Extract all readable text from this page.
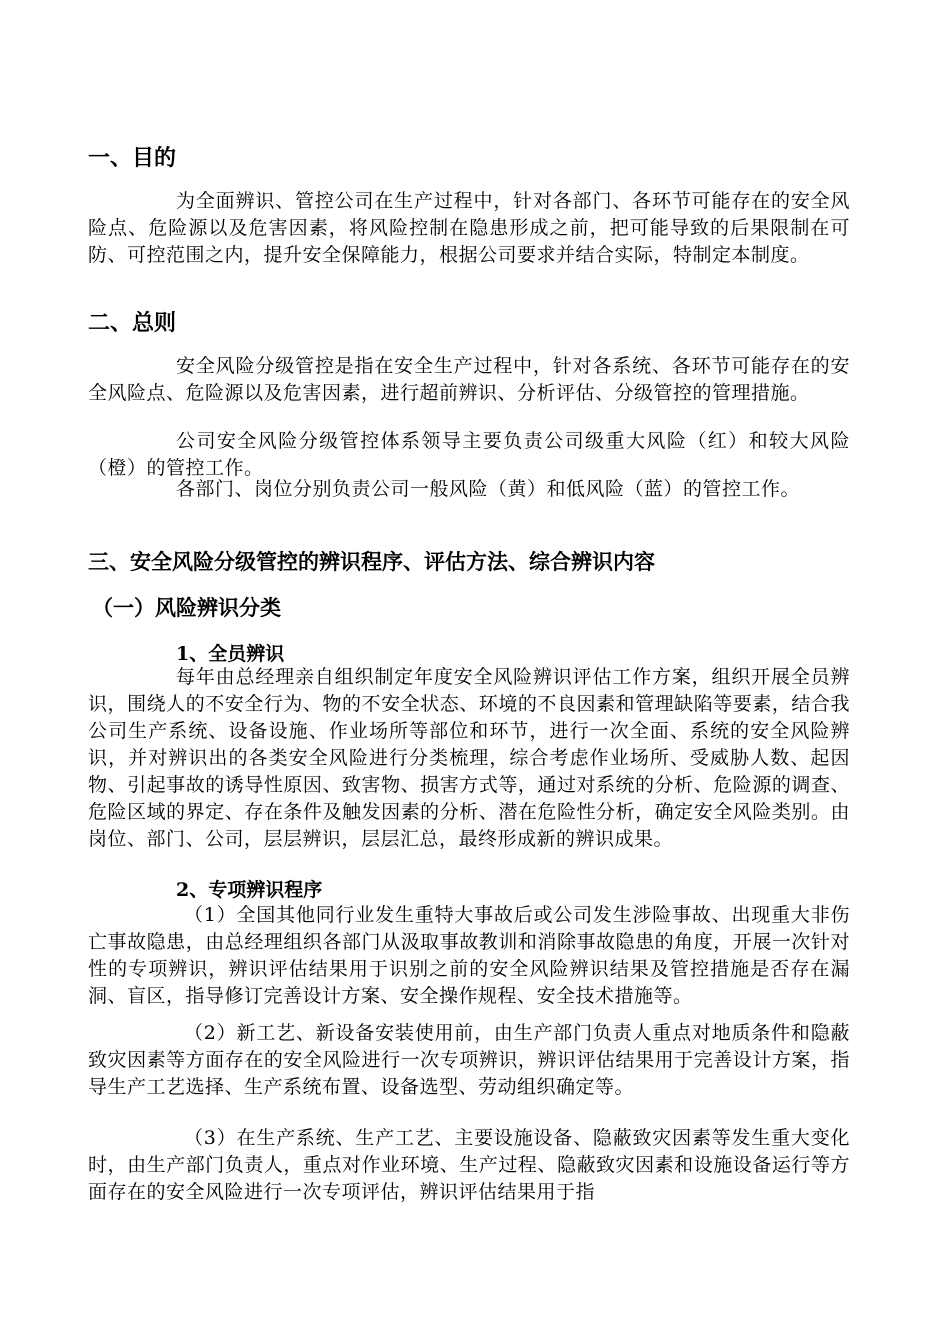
一、目的

为全面辨识、管控公司在生产过程中，针对各部门、各环节可能存在的安全风险点、危险源以及危害因素，将风险控制在隐患形成之前，把可能导致的后果限制在可防、可控范围之内，提升安全保障能力，根据公司要求并结合实际，特制定本制度。

二、总则

安全风险分级管控是指在安全生产过程中，针对各系统、各环节可能存在的安全风险点、危险源以及危害因素，进行超前辨识、分析评估、分级管控的管理措施。

公司安全风险分级管控体系领导主要负责公司级重大风险（红）和较大风险（橙）的管控工作。

各部门、岗位分别负责公司一般风险（黄）和低风险（蓝）的管控工作。

三、安全风险分级管控的辨识程序、评估方法、综合辨识内容
（一）风险辨识分类
1、全员辨识

每年由总经理亲自组织制定年度安全风险辨识评估工作方案，组织开展全员辨识，围绕人的不安全行为、物的不安全状态、环境的不良因素和管理缺陷等要素，结合我公司生产系统、设备设施、作业场所等部位和环节，进行一次全面、系统的安全风险辨识，并对辨识出的各类安全风险进行分类梳理，综合考虑作业场所、受威胁人数、起因物、引起事故的诱导性原因、致害物、损害方式等，通过对系统的分析、危险源的调查、危险区域的界定、存在条件及触发因素的分析、潜在危险性分析，确定安全风险类别。由岗位、部门、公司，层层辨识，层层汇总，最终形成新的辨识成果。

2、专项辨识程序

（1）全国其他同行业发生重特大事故后或公司发生涉险事故、出现重大非伤亡事故隐患，由总经理组织各部门从汲取事故教训和消除事故隐患的角度，开展一次针对性的专项辨识，辨识评估结果用于识别之前的安全风险辨识结果及管控措施是否存在漏洞、盲区，指导修订完善设计方案、安全操作规程、安全技术措施等。

（2）新工艺、新设备安装使用前，由生产部门负责人重点对地质条件和隐蔽致灾因素等方面存在的安全风险进行一次专项辨识，辨识评估结果用于完善设计方案，指导生产工艺选择、生产系统布置、设备选型、劳动组织确定等。

（3）在生产系统、生产工艺、主要设施设备、隐蔽致灾因素等发生重大变化时，由生产部门负责人，重点对作业环境、生产过程、隐蔽致灾因素和设施设备运行等方面存在的安全风险进行一次专项评估，辨识评估结果用于指
